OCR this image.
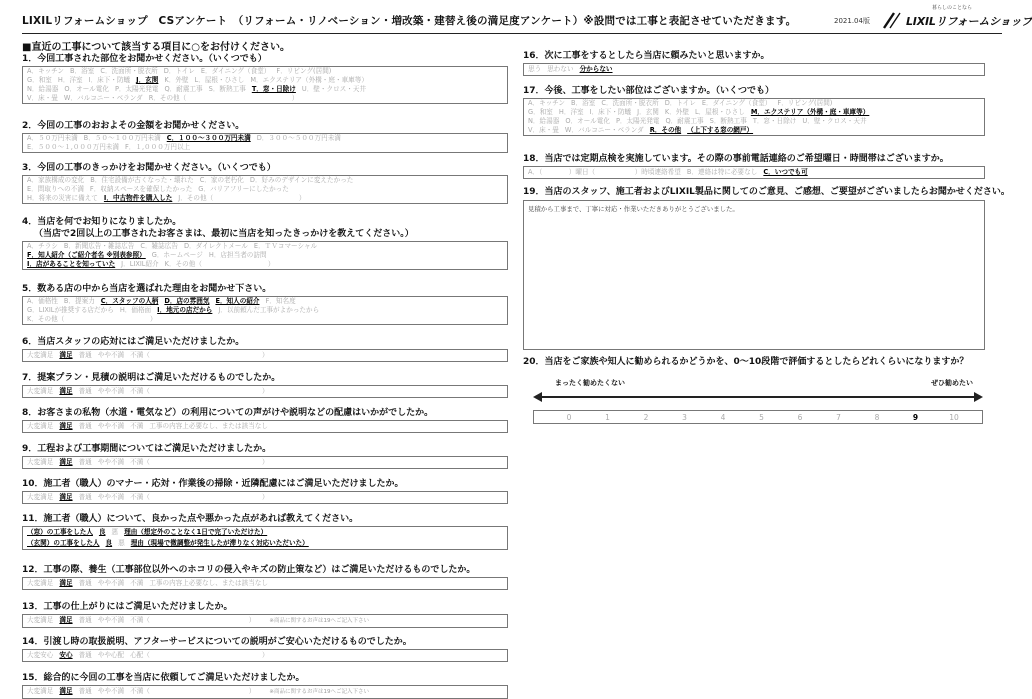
LIXILリフォームショップ　CSアンケート　（リフォーム・リノベーション・増改築・建替え後の満足度アンケート）※設問では工事と表記させていただきます。	2021.04版
暮らしのことなら
LIXILリフォームショップ
■直近の工事について該当する項目に○をお付けください。
1．今回工事された部位をお聞かせください。（いくつでも）
A．キッチン B．浴室 C．洗面所・脱衣所 D．トイレ E．ダイニング（食堂） F．リビング(居間)
G．和室 H．洋室 I．床下・防蟻 J．玄関 K．外壁 L．屋根・ひさし M．エクステリア（外構・庭・車庫等）
N．給湯器 O．オール電化 P．太陽光発電 Q．耐震工事 S．断熱工事 T．窓・日除け U．壁・クロス・天井
V．床・畳 W．バルコニー・ベランダ R．その他（　　　　　　　　　　　　　　　　）
2．今回の工事のおおよその金額をお聞かせください。
A．５０万円未満 B．５０～１００万円未満 C．１００～３００万円未満 D．３００～５００万円未満
E．５００～１,０００万円未満 F．１,０００万円以上
3．今回の工事のきっかけをお聞かせください。（いくつでも）
A．家族構成の変化 B．住宅設備が古くなった・壊れた C．家の老朽化 D．好みのデザインに変えたかった
E．問取りへの不満 F．収納スペースを確保したかった G．バリアフリーにしたかった
H．将来の災害に備えて I．中古物件を購入した J．その他（　　　　　　　　　　　　　）
4．当店を何でお知りになりましたか。
（当店で2回以上の工事されたお客さまは、最初に当店を知ったきっかけを教えてください。）
A．チラシ B．新聞広告・雑誌広告 C．雑誌広告 D．ダイレクトメール E．ＴＶコマーシャル
F．知人紹介（ご紹介者名 ※別表参照） G．ホームページ H．店担当者の訪問
I．店があることを知っていた J．LIXIL紹介 K．その他（　　　　　　　　　　）
5．数ある店の中から当店を選ばれた理由をお聞かせ下さい。
A．価格性 B．提案力 C．スタッフの人柄 D．店の雰囲気 E．知人の紹介 F．知名度
G．LIXILが推奨する店だから H．価格面 I．地元の店だから J．以前頼んだ工事がよかったから
K．その他（　　　　　　　　　　　　　）
6．当店スタッフの応対にはご満足いただけましたか。
大変満足 満足 普通 やや不満 不満（　　　　　　　　　　　　　　　　　）
7．提案プラン・見積の説明はご満足いただけるものでしたか。
大変満足 満足 普通 やや不満 不満（　　　　　　　　　　　　　　　　　）
8．お客さまの私物（水道・電気など）の利用についての声がけや説明などの配慮はいかがでしたか。
大変満足 満足 普通 やや不満 不満 工事の内容上必要なし、または該当なし
9．工程および工事期間についてはご満足いただけましたか。
大変満足 満足 普通 やや不満 不満（　　　　　　　　　　　　　　　　　）
10．施工者（職人）のマナー・応対・作業後の掃除・近隣配慮にはご満足いただけましたか。
大変満足 満足 普通 やや不満 不満（　　　　　　　　　　　　　　　　　）
11．施工者（職人）について、良かった点や悪かった点があれば教えてください。
（窓）の工事をした人 良 悪 理由（想定外のことなく1日で完了いただけた）
（玄関）の工事をした人 良 悪 理由（現場で微調整が発生したが滞りなく対応いただいた）
12．工事の際、養生（工事部位以外へのホコリの侵入やキズの防止策など）はご満足いただけるものでしたか。
大変満足 満足 普通 やや不満 不満 工事の内容上必要なし、または該当なし
13．工事の仕上がりにはご満足いただけましたか。
大変満足 満足 普通 やや不満 不満（　　　　　　　　　　　　　　　）	※商品に関するお声は19へご記入下さい
14．引渡し時の取扱説明、アフターサービスについての説明がご安心いただけるものでしたか。
大変安心 安心 普通 やや心配 心配（　　　　　　　　　　　　　　　　　）
15．総合的に今回の工事を当店に依頼してご満足いただけましたか。
大変満足 満足 普通 やや不満 不満（　　　　　　　　　　　　　　　）	※商品に関するお声は19へご記入下さい
16．次に工事をするとしたら当店に頼みたいと思いますか。
思う 思わない 分からない
17．今後、工事をしたい部位はございますか。（いくつでも）
A．キッチン B．浴室 C．洗面所・脱衣所 D．トイレ E．ダイニング（食堂） F．リビング(居間)
G．和室 H．洋室 I．床下・防蟻 J．玄関 K．外壁 L．屋根・ひさし M．エクステリア（外構・庭・車庫等）
N．給湯器 O．オール電化 P．太陽光発電 Q．耐震工事 S．断熱工事 T．窓・日除け U．壁・クロス・天井
V．床・畳 W．バルコニー・ベランダ R．その他 （上下する窓の網戸）
18．当店では定期点検を実施しています。その際の事前電話連絡のご希望曜日・時間帯はございますか。
A．（　　　　）曜日（　　　　　　）時頃連絡希望 B．連絡は特に必要なし C．いつでも可
19．当店のスタッフ、施工者およびLIXIL製品に関してのご意見、ご感想、ご要望がございましたらお聞かせください。
見積から工事まで、丁寧に対応・作業いただきありがとうございました。
20．当店をご家族や知人に勧められるかどうかを、0～10段階で評価するとしたらどれくらいになりますか？
まったく勧めたくない	ぜひ勧めたい
0	1	2	3	4	5	6	7	8	9	10
